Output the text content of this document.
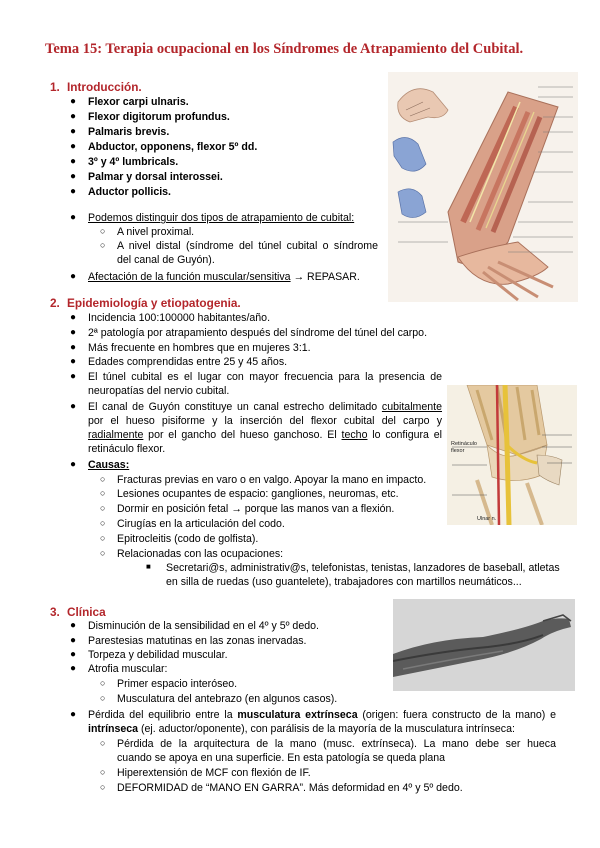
Tema 15: Terapia ocupacional en los Síndromes de Atrapamiento del Cubital.
1. Introducción.
● Flexor carpi ulnaris.
● Flexor digitorum profundus.
● Palmaris brevis.
● Abductor, opponens, flexor 5º dd.
● 3º y 4º lumbricals.
● Palmar y dorsal interossei.
● Aductor pollicis.
● Podemos distinguir dos tipos de atrapamiento de cubital:
○ A nivel proximal.
○ A nivel distal (síndrome del túnel cubital o síndrome
del canal de Guyón).
● Afectación de la función muscular/sensitiva → REPASAR.
2. Epidemiología y etiopatogenia.
● Incidencia 100:100000 habitantes/año.
● 2ª patología por atrapamiento después del síndrome del túnel del carpo.
● Más frecuente en hombres que en mujeres 3:1.
● Edades comprendidas entre 25 y 45 años.
● El túnel cubital es el lugar con mayor frecuencia para la presencia de
neuropatías del nervio cubital.
● El canal de Guyón constituye un canal estrecho delimitado cubitalmente
por el hueso pisiforme y la inserción del flexor cubital del carpo y
radialmente por el gancho del hueso ganchoso. El techo lo configura el
retináculo flexor.
● Causas:
○ Fracturas previas en varo o en valgo. Apoyar la mano en impacto.
○ Lesiones ocupantes de espacio: gangliones, neuromas, etc.
○ Dormir en posición fetal → porque las manos van a flexión.
○ Cirugías en la articulación del codo.
○ Epitrocleitis (codo de golfista).
○ Relacionadas con las ocupaciones:
■ Secretari@s, administrativ@s, telefonistas, tenistas, lanzadores de baseball, atletas
en silla de ruedas (uso guantelete), trabajadores con martillos neumáticos...
Retináculo
flexor
Ulnar n.
3. Clínica
● Disminución de la sensibilidad en el 4º y 5º dedo.
● Parestesias matutinas en las zonas inervadas.
● Torpeza y debilidad muscular.
● Atrofia muscular:
○ Primer espacio interóseo.
○ Musculatura del antebrazo (en algunos casos).
● Pérdida del equilibrio entre la musculatura extrínseca (origen: fuera constructo de la mano) e
intrínseca (ej. aductor/oponente), con parálisis de la mayoría de la musculatura intrínseca:
○ Pérdida de la arquitectura de la mano (musc. extrínseca). La mano debe ser hueca
cuando se apoya en una superficie. En esta patología se queda plana
○ Hiperextensión de MCF con flexión de IF.
○ DEFORMIDAD de “MANO EN GARRA”. Más deformidad en 4º y 5º dedo.
